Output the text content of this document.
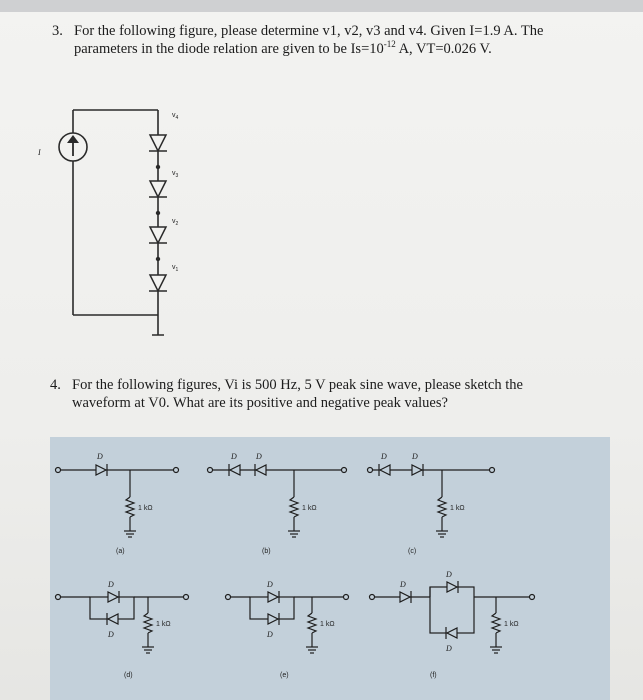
3. For the following figure, please determine v1, v2, v3 and v4. Given I=1.9 A. The
parameters in the diode relation are given to be $Is=10^{-12}$ A, VT=0.026 V.
I
$v_4$
$v_3$
$v_2$
$v_1$
4. For the following figures, Vi is 500 Hz, 5 V peak sine wave, please sketch the
waveform at V0. What are its positive and negative peak values?
D	D D	D	D
D
D
D
D
D
D
D
1 kΩ	1 kΩ	1 kΩ
1 kΩ	1 kΩ	1 kΩ
(a)	(b)	(c)
(d)	(e)	(f)
